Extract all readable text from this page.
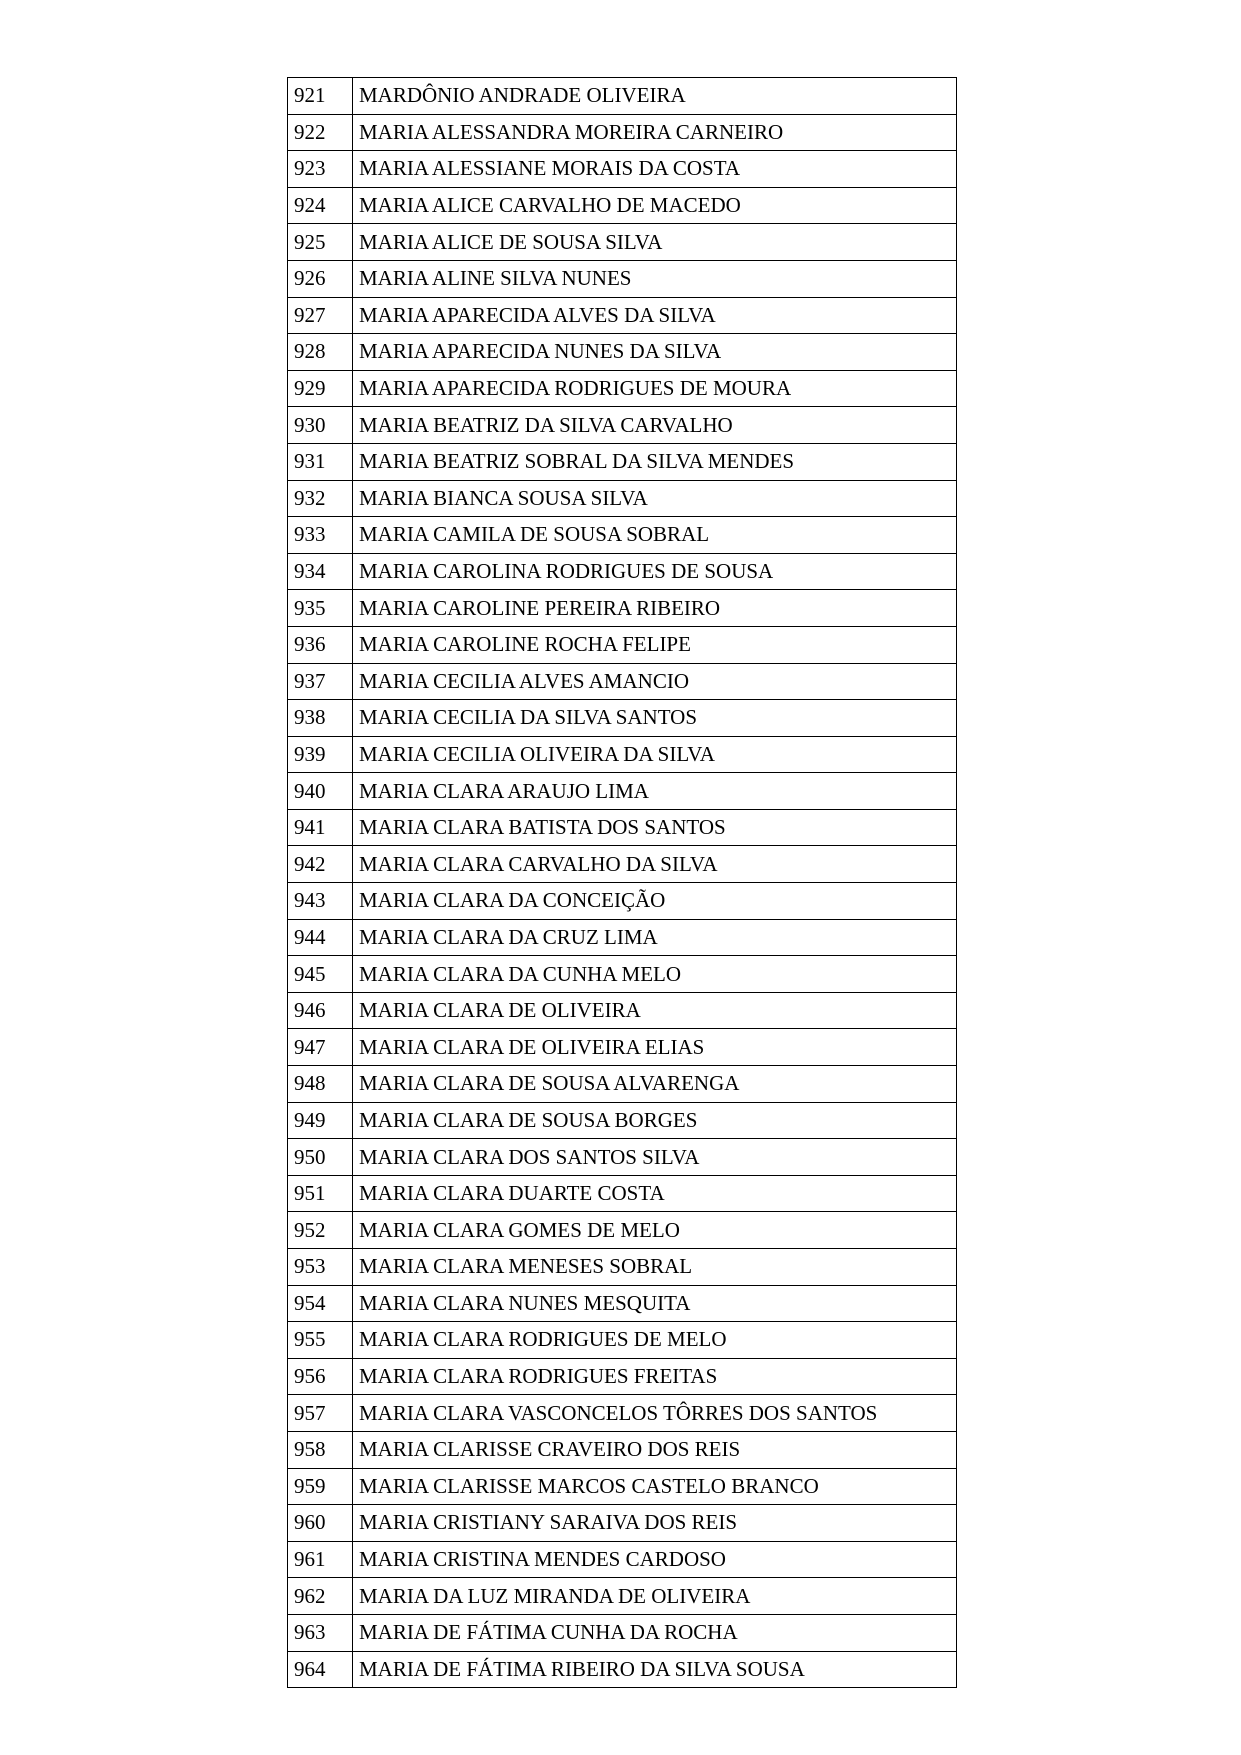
921	MARDÔNIO ANDRADE OLIVEIRA
922	MARIA ALESSANDRA MOREIRA CARNEIRO
923	MARIA ALESSIANE MORAIS DA COSTA
924	MARIA ALICE CARVALHO DE MACEDO
925	MARIA ALICE DE SOUSA SILVA
926	MARIA ALINE SILVA NUNES
927	MARIA APARECIDA ALVES DA SILVA
928	MARIA APARECIDA NUNES DA SILVA
929	MARIA APARECIDA RODRIGUES DE MOURA
930	MARIA BEATRIZ DA SILVA CARVALHO
931	MARIA BEATRIZ SOBRAL DA SILVA MENDES
932	MARIA BIANCA SOUSA SILVA
933	MARIA CAMILA DE SOUSA SOBRAL
934	MARIA CAROLINA RODRIGUES DE SOUSA
935	MARIA CAROLINE PEREIRA RIBEIRO
936	MARIA CAROLINE ROCHA FELIPE
937	MARIA CECILIA ALVES AMANCIO
938	MARIA CECILIA DA SILVA SANTOS
939	MARIA CECILIA OLIVEIRA DA SILVA
940	MARIA CLARA ARAUJO LIMA
941	MARIA CLARA BATISTA DOS SANTOS
942	MARIA CLARA CARVALHO DA SILVA
943	MARIA CLARA DA CONCEIÇÃO
944	MARIA CLARA DA CRUZ LIMA
945	MARIA CLARA DA CUNHA MELO
946	MARIA CLARA DE OLIVEIRA
947	MARIA CLARA DE OLIVEIRA ELIAS
948	MARIA CLARA DE SOUSA ALVARENGA
949	MARIA CLARA DE SOUSA BORGES
950	MARIA CLARA DOS SANTOS SILVA
951	MARIA CLARA DUARTE COSTA
952	MARIA CLARA GOMES DE MELO
953	MARIA CLARA MENESES SOBRAL
954	MARIA CLARA NUNES MESQUITA
955	MARIA CLARA RODRIGUES DE MELO
956	MARIA CLARA RODRIGUES FREITAS
957	MARIA CLARA VASCONCELOS TÔRRES DOS SANTOS
958	MARIA CLARISSE CRAVEIRO DOS REIS
959	MARIA CLARISSE MARCOS CASTELO BRANCO
960	MARIA CRISTIANY SARAIVA DOS REIS
961	MARIA CRISTINA MENDES CARDOSO
962	MARIA DA LUZ MIRANDA DE OLIVEIRA
963	MARIA DE FÁTIMA CUNHA DA ROCHA
964	MARIA DE FÁTIMA RIBEIRO DA SILVA SOUSA
